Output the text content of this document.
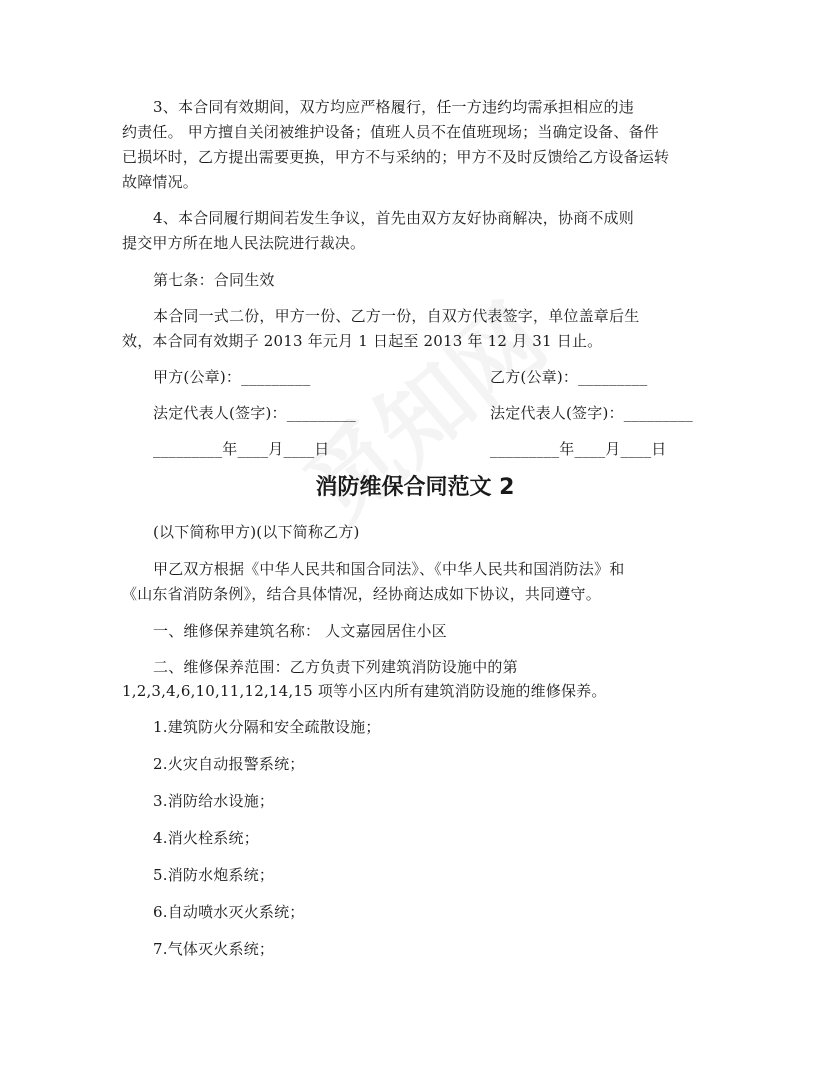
3、本合同有效期间，双方均应严格履行，任一方违约均需承担相应的违
约责任。 甲方擅自关闭被维护设备；值班人员不在值班现场；当确定设备、备件
已损坏时，乙方提出需要更换，甲方不与采纳的；甲方不及时反馈给乙方设备运转
故障情况。
4、本合同履行期间若发生争议，首先由双方友好协商解决，协商不成则
提交甲方所在地人民法院进行裁决。
第七条：合同生效
本合同一式二份，甲方一份、乙方一份，自双方代表签字，单位盖章后生
效，本合同有效期子 2013 年元月 1 日起至 2013 年 12 月 31 日止。
甲方(公章)：_________	乙方(公章)：_________
法定代表人(签字)：_________	法定代表人(签字)：_________
_________年____月____日	_________年____月____日
消防维保合同范文 2
(以下简称甲方)(以下简称乙方)
甲乙双方根据《中华人民共和国合同法》、《中华人民共和国消防法》和
《山东省消防条例》，结合具体情况，经协商达成如下协议，共同遵守。
一、维修保养建筑名称： 人文嘉园居住小区
二、维修保养范围：乙方负责下列建筑消防设施中的第
1,2,3,4,6,10,11,12,14,15 项等小区内所有建筑消防设施的维修保养。
1.建筑防火分隔和安全疏散设施；
2.火灾自动报警系统；
3.消防给水设施；
4.消火栓系统；
5.消防水炮系统；
6.自动喷水灭火系统；
7.气体灭火系统；
